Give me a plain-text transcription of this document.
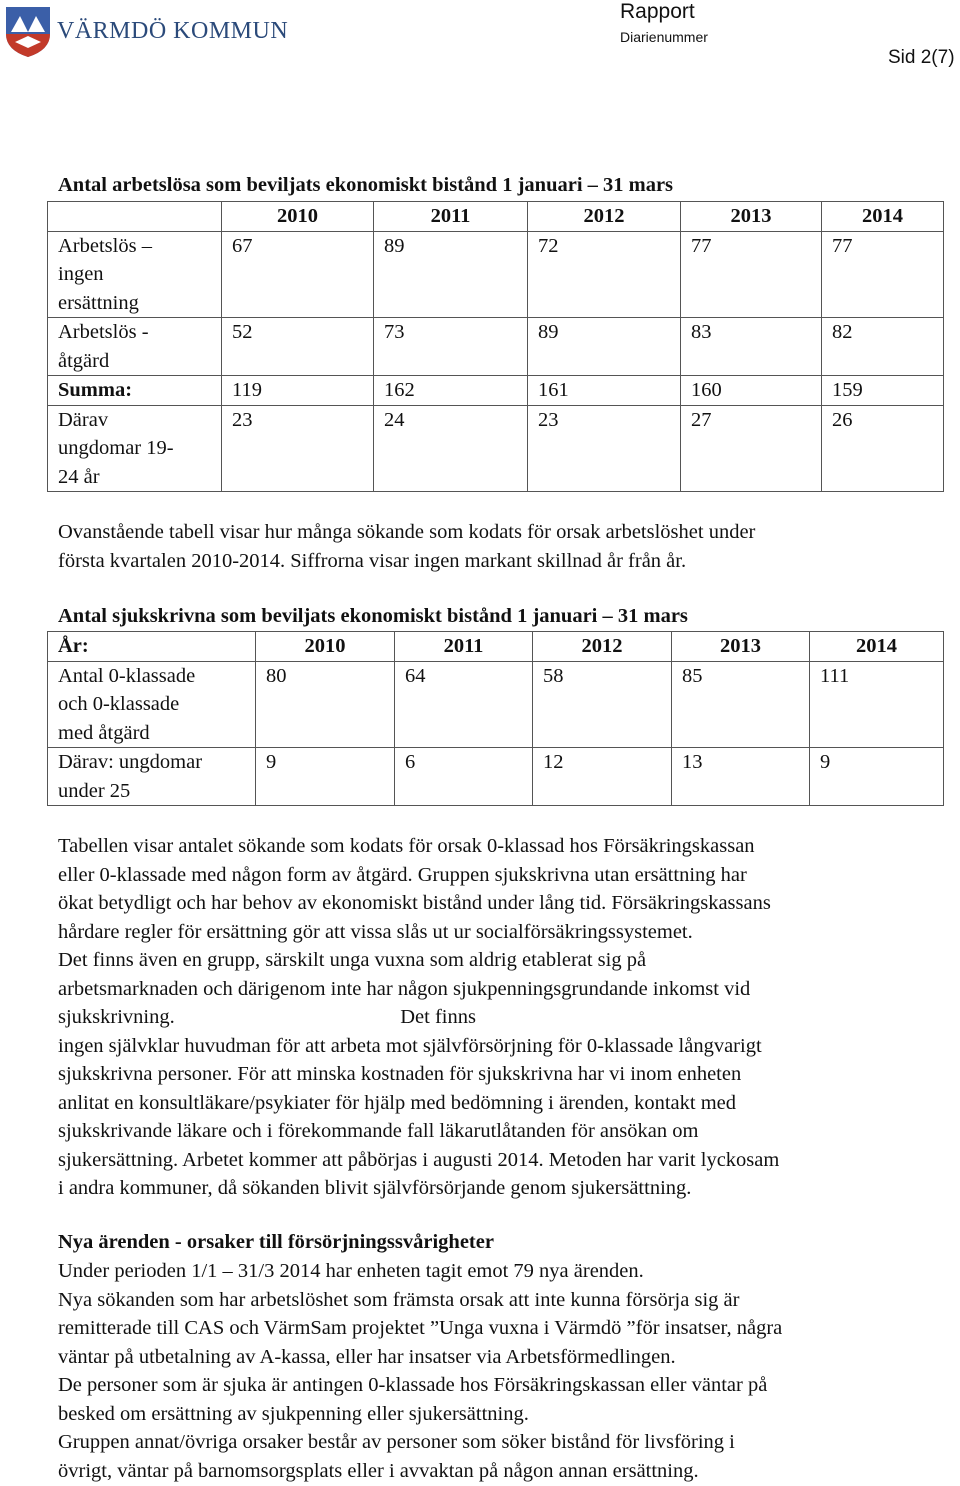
VÄRMDÖ KOMMUN
Rapport
Diarienummer
Sid 2(7)
Antal arbetslösa som beviljats ekonomiskt bistånd 1 januari – 31 mars
	2010	2011	2012	2013	2014

Arbetslös –
ingen
ersättning	67	89	72	77	77

Arbetslös -
åtgärd	52	73	89	83	82

Summa:	119	162	161	160	159

Därav
ungdomar 19-
24 år	23	24	23	27	26
Ovanstående tabell visar hur många sökande som kodats för orsak arbetslöshet under
första kvartalen 2010-2014. Siffrorna visar ingen markant skillnad år från år.
Antal sjukskrivna som beviljats ekonomiskt bistånd 1 januari – 31 mars
År:	2010	2011	2012	2013	2014

Antal 0-klassade
och 0-klassade
med åtgärd	80	64	58	85	111

Därav: ungdomar
under 25	9	6	12	13	9
Tabellen visar antalet sökande som kodats för orsak 0-klassad hos Försäkringskassan
eller 0-klassade med någon form av åtgärd. Gruppen sjukskrivna utan ersättning har
ökat betydligt och har behov av ekonomiskt bistånd under lång tid. Försäkringskassans
hårdare regler för ersättning gör att vissa slås ut ur socialförsäkringssystemet.
Det finns även en grupp, särskilt unga vuxna som aldrig etablerat sig på
arbetsmarknaden och därigenom inte har någon sjukpenningsgrundande inkomst vid
sjukskrivning.                                            Det finns
ingen självklar huvudman för att arbeta mot självförsörjning för 0-klassade långvarigt
sjukskrivna personer. För att minska kostnaden för sjukskrivna har vi inom enheten
anlitat en konsultläkare/psykiater för hjälp med bedömning i ärenden, kontakt med
sjukskrivande läkare och i förekommande fall läkarutlåtanden för ansökan om
sjukersättning. Arbetet kommer att påbörjas i augusti 2014. Metoden har varit lyckosam
i andra kommuner, då sökanden blivit självförsörjande genom sjukersättning.
Nya ärenden - orsaker till försörjningssvårigheter
Under perioden 1/1 – 31/3 2014 har enheten tagit emot 79 nya ärenden.
Nya sökanden som har arbetslöshet som främsta orsak att inte kunna försörja sig är
remitterade till CAS och VärmSam projektet ”Unga vuxna i Värmdö ”för insatser, några
väntar på utbetalning av A-kassa, eller har insatser via Arbetsförmedlingen.
De personer som är sjuka är antingen 0-klassade hos Försäkringskassan eller väntar på
besked om ersättning av sjukpenning eller sjukersättning.
Gruppen annat/övriga orsaker består av personer som söker bistånd för livsföring i
övrigt, väntar på barnomsorgsplats eller i avvaktan på någon annan ersättning.
